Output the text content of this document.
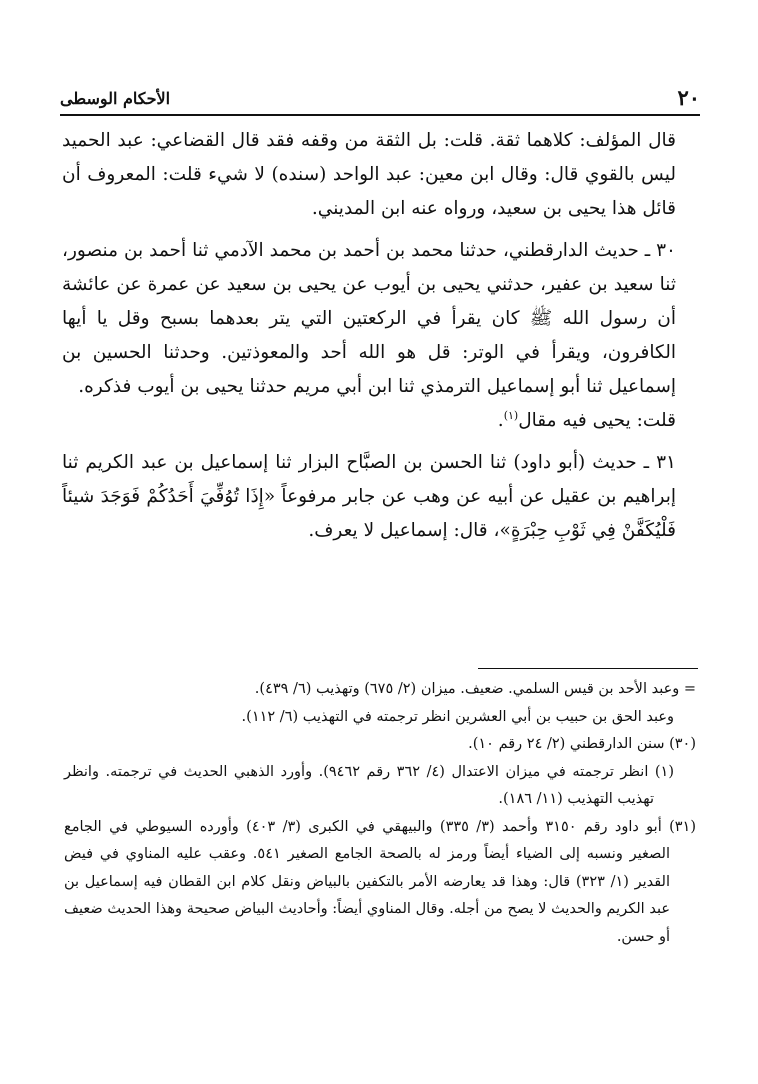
٢٠
الأحكام الوسطى

قال المؤلف: كلاهما ثقة. قلت: بل الثقة من وقفه فقد قال القضاعي: عبد الحميد ليس بالقوي قال: وقال ابن معين: عبد الواحد (سنده) لا شيء قلت: المعروف أن قائل هذا يحيى بن سعيد، ورواه عنه ابن المديني.

٣٠ ـ حديث الدارقطني، حدثنا محمد بن أحمد بن محمد الآدمي ثنا أحمد بن منصور، ثنا سعيد بن عفير، حدثني يحيى بن أيوب عن يحيى بن سعيد عن عمرة عن عائشة أن رسول الله ﷺ كان يقرأ في الركعتين التي يتر بعدهما بسبح وقل يا أيها الكافرون، ويقرأ في الوتر: قل هو الله أحد والمعوذتين. وحدثنا الحسين بن إسماعيل ثنا أبو إسماعيل الترمذي ثنا ابن أبي مريم حدثنا يحيى بن أيوب فذكره.

قلت: يحيى فيه مقال$^{(١)}$.

٣١ ـ حديث (أبو داود) ثنا الحسن بن الصبَّاح البزار ثنا إسماعيل بن عبد الكريم ثنا إبراهيم بن عقيل عن أبيه عن وهب عن جابر مرفوعاً «إِذَا تُوُفِّيَ أَحَدُكُمْ فَوَجَدَ شيئاً فَلْيُكَفَّنْ فِي ثَوْبِ حِبْرَةٍ»، قال: إسماعيل لا يعرف.

= وعبد الأحد بن قيس السلمي. ضعيف. ميزان (٢/ ٦٧٥) وتهذيب (٦/ ٤٣٩).

وعبد الحق بن حبيب بن أبي العشرين انظر ترجمته في التهذيب (٦/ ١١٢).

(٣٠) سنن الدارقطني (٢/ ٢٤ رقم ١٠).

(١) انظر ترجمته في ميزان الاعتدال (٤/ ٣٦٢ رقم ٩٤٦٢). وأورد الذهبي الحديث في ترجمته. وانظر تهذيب التهذيب (١١/ ١٨٦).

(٣١) أبو داود رقم ٣١٥٠ وأحمد (٣/ ٣٣٥) والبيهقي في الكبرى (٣/ ٤٠٣) وأورده السيوطي في الجامع الصغير ونسبه إلى الضياء أيضاً ورمز له بالصحة الجامع الصغير ٥٤١. وعقب عليه المناوي في فيض القدير (١/ ٣٢٣) قال: وهذا قد يعارضه الأمر بالتكفين بالبياض ونقل كلام ابن القطان فيه إسماعيل بن عبد الكريم والحديث لا يصح من أجله. وقال المناوي أيضاً: وأحاديث البياض صحيحة وهذا الحديث ضعيف أو حسن.
